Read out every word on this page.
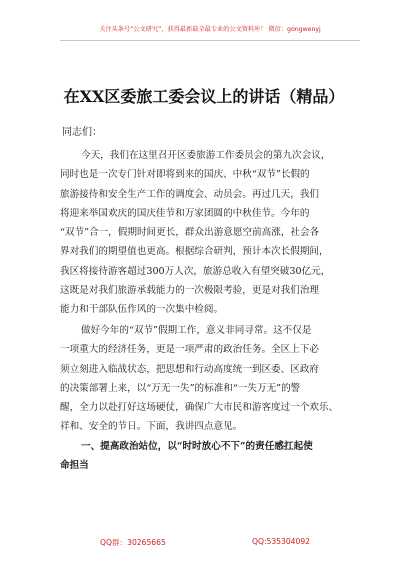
关注头条号“公文研究”，获得最新最全最专业的公文资料库！ 微信：gongwenyj
在XX区委旅工委会议上的讲话（精品）
同志们：
今天，我们在这里召开区委旅游工作委员会的第九次会议，
同时也是一次专门针对即将到来的国庆、中秋“双节”长假的
旅游接待和安全生产工作的调度会、动员会。再过几天，我们
将迎来举国欢庆的国庆佳节和万家团圆的中秋佳节。今年的
“双节”合一，假期时间更长，群众出游意愿空前高涨，社会各
界对我们的期望值也更高。根据综合研判，预计本次长假期间，
我区将接待游客超过300万人次，旅游总收入有望突破30亿元，
这既是对我们旅游承载能力的一次极限考验，更是对我们治理
能力和干部队伍作风的一次集中检阅。
做好今年的“双节”假期工作，意义非同寻常。这不仅是
一项重大的经济任务，更是一项严肃的政治任务。全区上下必
须立刻进入临战状态，把思想和行动高度统一到区委、区政府
的决策部署上来，以“万无一失”的标准和“一失万无”的警
醒，全力以赴打好这场硬仗，确保广大市民和游客度过一个欢乐、
祥和、安全的节日。下面，我讲四点意见。
一、提高政治站位，以“时时放心不下”的责任感扛起使
命担当
QQ群：30265665	QQ:535304092
